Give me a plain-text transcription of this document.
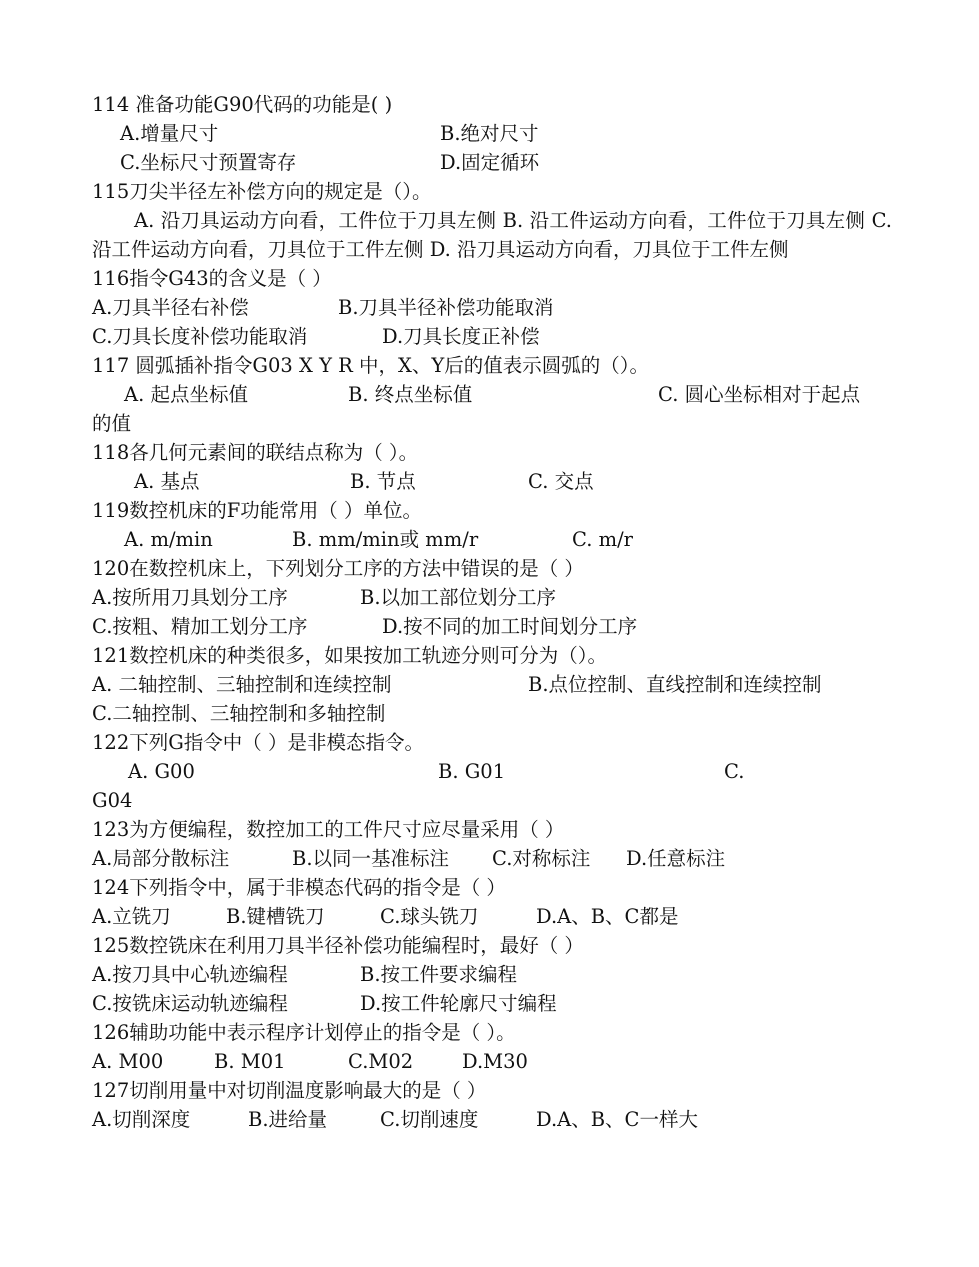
114 准备功能G90代码的功能是( )
A.增量尺寸	B.绝对尺寸
C.坐标尺寸预置寄存	D.固定循环
115刀尖半径左补偿方向的规定是（）。
A. 沿刀具运动方向看，工件位于刀具左侧 B. 沿工件运动方向看，工件位于刀具左侧 C. 沿工件运动方向看，刀具位于工件左侧 D. 沿刀具运动方向看，刀具位于工件左侧
116指令G43的含义是（ ）
A.刀具半径右补偿	B.刀具半径补偿功能取消
C.刀具长度补偿功能取消	D.刀具长度正补偿
117 圆弧插补指令G03 X Y R 中，X、Y后的值表示圆弧的（）。
A. 起点坐标值	B. 终点坐标值	C. 圆心坐标相对于起点
的值
118各几何元素间的联结点称为（ ）。
A. 基点	B. 节点	C. 交点
119数控机床的F功能常用（ ）单位。
A. m/min	B. mm/min或 mm/r	C. m/r
120在数控机床上，下列划分工序的方法中错误的是（ ）
A.按所用刀具划分工序	B.以加工部位划分工序
C.按粗、精加工划分工序	D.按不同的加工时间划分工序
121数控机床的种类很多，如果按加工轨迹分则可分为（）。
A. 二轴控制、三轴控制和连续控制	B.点位控制、直线控制和连续控制
C.二轴控制、三轴控制和多轴控制
122下列G指令中（ ）是非模态指令。
A. G00	B. G01	C.
G04
123为方便编程，数控加工的工件尺寸应尽量采用（ ）
A.局部分散标注	B.以同一基准标注 C.对称标注 D.任意标注
124下列指令中，属于非模态代码的指令是（ ）
A.立铣刀	B.键槽铣刀	C.球头铣刀	D.A、B、C都是
125数控铣床在利用刀具半径补偿功能编程时，最好（ ）
A.按刀具中心轨迹编程	B.按工件要求编程
C.按铣床运动轨迹编程	D.按工件轮廓尺寸编程
126辅助功能中表示程序计划停止的指令是（ ）。
A. M00	B. M01	C.M02	D.M30
127切削用量中对切削温度影响最大的是（ ）
A.切削深度	B.进给量	C.切削速度	D.A、B、C一样大
